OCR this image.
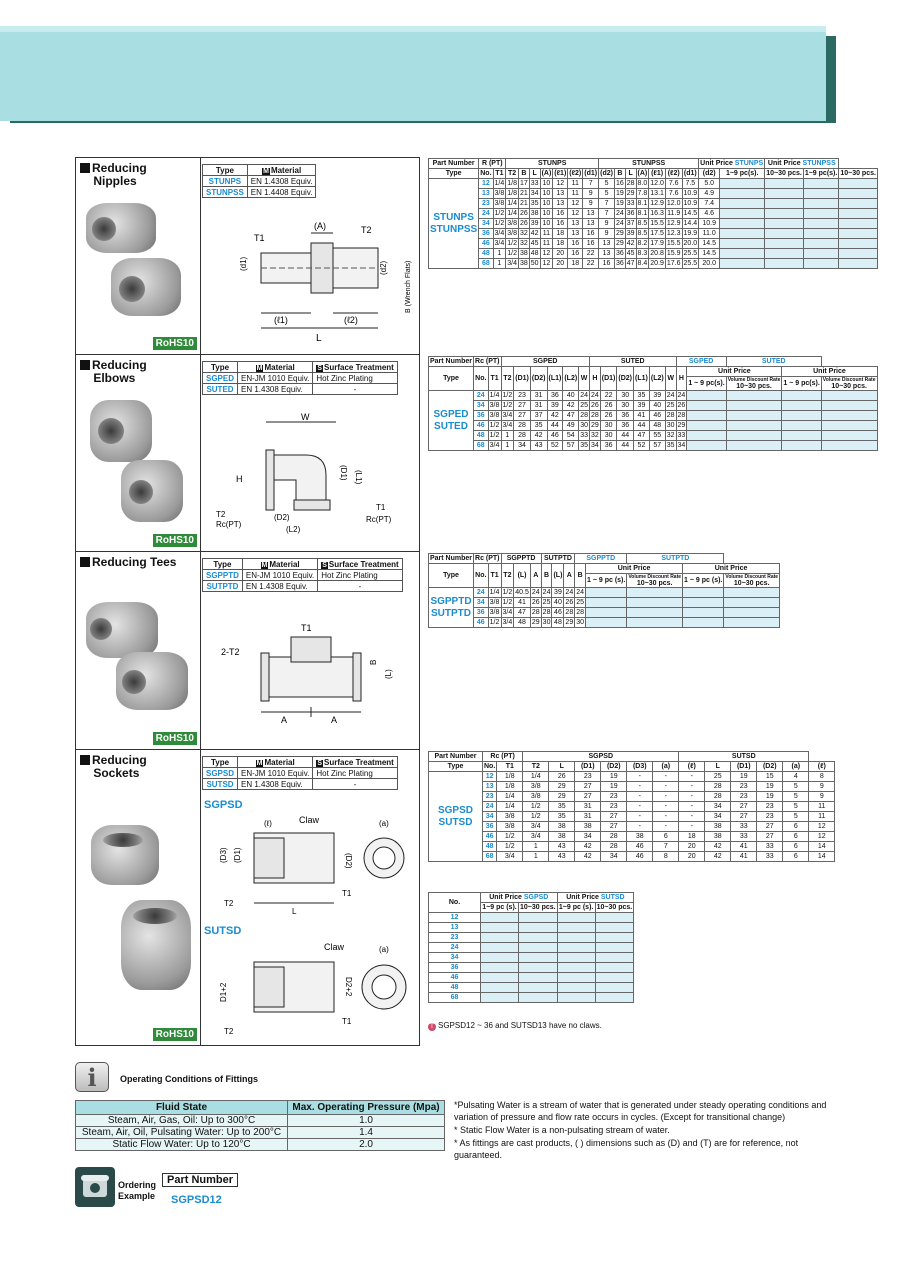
Reducing
Nipples
RoHS10
Type	M Material
STUNPS	EN 1.4308 Equiv.
STUNPSS	EN 1.4408 Equiv.
(A)
T1
T2
(ℓ1)	(ℓ2)
L
(d1)	(d2) B (Wrench Flats)
Part Number	R (PT)		STUNPS							STUNPSS							Unit Price STUNPS		Unit Price STUNPSS		
Type	No.	T1	T2	B	L	(A)	(ℓ1)	(ℓ2)	(d1)	(d2)	B	L	(A)	(ℓ1)	(ℓ2)	(d1)	(d2)	1~9 pc(s).	10~30 pcs.	1~9 pc(s).	10~30 pcs.
STUNPS
STUNPSS	12	1/4	1/8	17	33	10	12	11	7	5	16	28	8.0	12.0	7.6	7.5	5.0				
	13	3/8	1/8	21	34	10	13	11	9	5	19	29	7.8	13.1	7.6	10.9	4.9				
	23	3/8	1/4	21	35	10	13	12	9	7	19	33	8.1	12.9	12.0	10.9	7.4				
	24	1/2	1/4	26	38	10	16	12	13	7	24	36	8.1	16.3	11.9	14.5	4.6				
	34	1/2	3/8	26	39	10	16	13	13	9	24	37	8.5	15.5	12.9	14.4	10.9				
	36	3/4	3/8	32	42	11	18	13	16	9	29	39	8.5	17.5	12.3	19.9	11.0				
	46	3/4	1/2	32	45	11	18	16	16	13	29	42	8.2	17.9	15.5	20.0	14.5				
	48	1	1/2	38	48	12	20	16	22	13	36	45	8.3	20.8	15.9	25.5	14.5				
	68	1	3/4	38	50	12	20	18	22	16	36	47	8.4	20.9	17.6	25.5	20.0				
Reducing
Elbows
RoHS10
Type	M Material	S Surface Treatment
SGPED	EN-JM 1010 Equiv.	Hot Zinc Plating
SUTED	EN 1.4308 Equiv.	-
W
H	(D1) (L1)
(D2)
(L2)
T2
Rc(PT)
T1
Rc(PT)
Part Number	Rc (PT)		SGPED						SUTED						SGPED		SUTED		
Type	No.	T1	T2	(D1)	(D2)	(L1)	(L2)	W	H	(D1)	(D2)	(L1)	(L2)	W	H	Unit Price		Unit Price	
																1 ~ 9 pc(s).	Volume Discount Rate
10~30 pcs.	1 ~ 9 pc(s).	Volume Discount Rate
10~30 pcs.
SGPED
SUTED	24	1/4	1/2	23	31	36	40	24	24	22	30	35	39	24	24				
	34	3/8	1/2	27	31	39	42	25	26	26	30	39	40	25	26				
	36	3/8	3/4	27	37	42	47	28	28	26	36	41	46	28	28				
	46	1/2	3/4	28	35	44	49	30	29	30	36	44	48	30	29				
	48	1/2	1	28	42	46	54	33	32	30	44	47	55	32	33				
	68	3/4	1	34	43	52	57	35	34	36	44	52	57	35	34				
Reducing Tees
RoHS10
Type	M Material	S Surface Treatment
SGPPTD	EN-JM 1010 Equiv.	Hot Zinc Plating
SUTPTD	EN 1.4308 Equiv.	-
T1
2-T2
A	A
B
(L)
Part Number	Rc (PT)		SGPPTD			SUTPTD			SGPPTD		SUTPTD		
Type	No.	T1	T2	(L)	A	B	(L)	A	B	Unit Price		Unit Price	
										1 ~ 9 pc (s).	Volume Discount Rate
10~30 pcs.	1 ~ 9 pc (s).	Volume Discount Rate
10~30 pcs.
SGPPTD
SUTPTD	24	1/4	1/2	40.5	24	24	39	24	24				
	34	3/8	1/2	41	26	25	40	26	25				
	36	3/8	3/4	47	28	28	46	28	28				
	46	1/2	3/4	48	29	30	48	29	30				
Reducing
Sockets
RoHS10
Type	M Material	S Surface Treatment
SGPSD	EN-JM 1010 Equiv.	Hot Zinc Plating
SUTSD	EN 1.4308 Equiv.	-
SGPSD
Claw
(ℓ)	(a)
(D3) (D1)	(D2)
T1
T2
L
SUTSD
Claw	(a)
D1+2	D2+2
T2
T1
Part Number	Rc (PT)		SGPSD						SUTSD					
Type	No.	T1	T2	L	(D1)	(D2)	(D3)	(a)	(ℓ)	L	(D1)	(D2)	(a)	(ℓ)
SGPSD
SUTSD	12	1/8	1/4	26	23	19	-	-	-	25	19	15	4	8
	13	1/8	3/8	29	27	19	-	-	-	28	23	19	5	9
	23	1/4	3/8	29	27	23	-	-	-	28	23	19	5	9
	24	1/4	1/2	35	31	23	-	-	-	34	27	23	5	11
	34	3/8	1/2	35	31	27	-	-	-	34	27	23	5	11
	36	3/8	3/4	38	38	27	-	-	-	38	33	27	6	12
	46	1/2	3/4	38	34	28	38	6	18	38	33	27	6	12
	48	1/2	1	43	42	28	46	7	20	42	41	33	6	14
	68	3/4	1	43	42	34	46	8	20	42	41	33	6	14
No.	Unit Price SGPSD		Unit Price SUTSD	
	1~9 pc (s).	10~30 pcs.	1~9 pc (s).	10~30 pcs.
12				
13				
23				
24				
34				
36				
46				
48				
68				
T SGPSD12 ~ 36 and SUTSD13 have no claws.
i	Operating Conditions of Fittings
Fluid State	Max. Operating Pressure (Mpa)
Steam, Air, Gas, Oil: Up to 300°C	1.0
Steam, Air, Oil, Pulsating Water: Up to 200°C	1.4
Static Flow Water: Up to 120°C	2.0

*Pulsating Water is a stream of water that is generated under steady operating conditions and variation of pressure and flow rate occurs in cycles. (Except for transitional change)

* Static Flow Water is a non-pulsating stream of water.

* As fittings are cast products, ( ) dimensions such as (D) and (T) are for reference, not guaranteed.

Ordering
Example
Part Number
SGPSD12
